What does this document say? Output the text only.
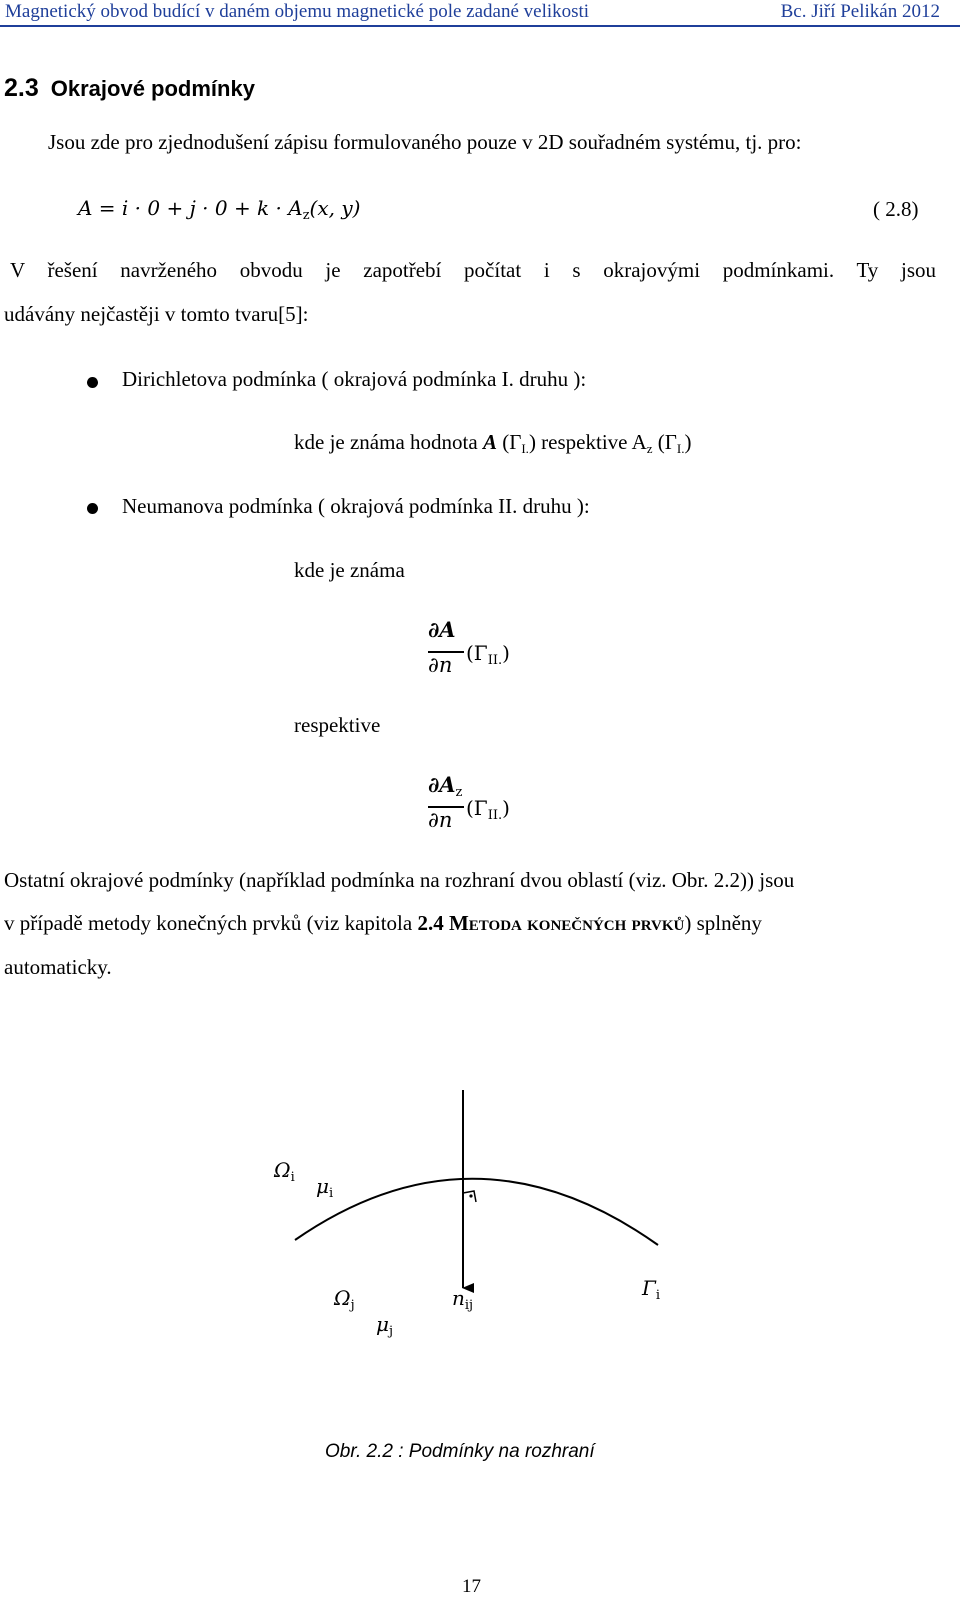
Magnetický obvod budící v daném objemu magnetické pole zadané velikosti	Bc. Jiří Pelikán 2012
2.3 Okrajové podmínky
Jsou zde pro zjednodušení zápisu formulovaného pouze v 2D souřadném systému, tj. pro:
$A = i \cdot 0 + j \cdot 0 + k \cdot A_z(x$, y)	( 2.8)
V řešení navrženého obvodu je zapotřebí počítat i s okrajovými podmínkami. Ty jsou
udávány nejčastěji v tomto tvaru[5]:
Dirichletova podmínka ( okrajová podmínka I. druhu ):
kde je známa hodnota A $(\Gamma_{I.})$ respektive $A_z$ $(\Gamma_{I.})$
Neumanova podmínka ( okrajová podmínka II. druhu ):
kde je známa
∂A
∂n $(\Gamma_{II.})$
respektive
$\partial A_z$
∂n $(\Gamma_{II.})$
Ostatní okrajové podmínky (například podmínka na rozhraní dvou oblastí (viz. Obr. 2.2)) jsou
v případě metody konečných prvků (viz kapitola 2.4 Metoda konečných prvků) splněny
automaticky.
$\Omega_i$ $\mu_i$
$\Omega_j$
$\mu_j$
$n_{ij}$
$\Gamma_i$
Obr. 2.2 : Podmínky na rozhraní
17
